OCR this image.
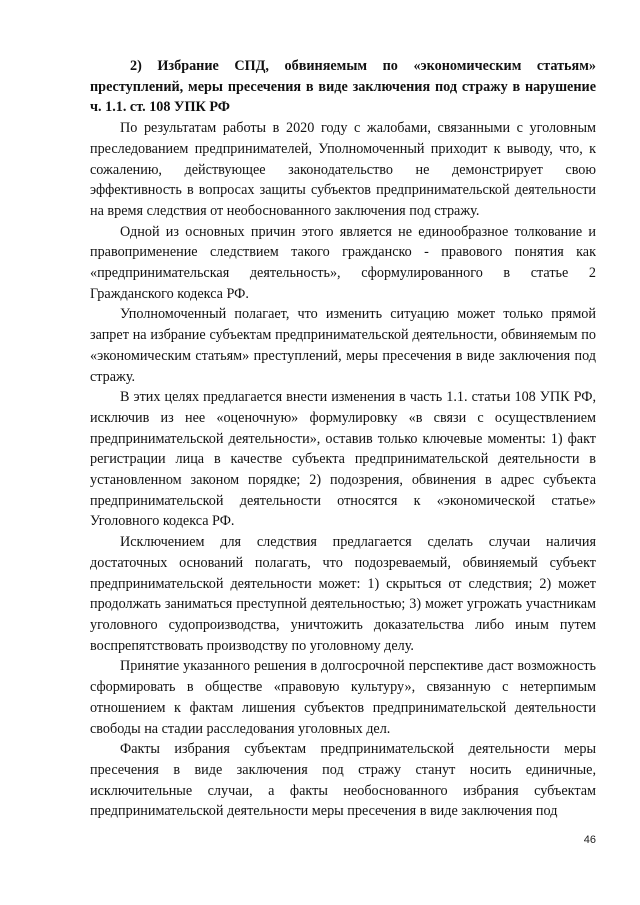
2) Избрание СПД, обвиняемым по «экономическим статьям» преступлений, меры пресечения в виде заключения под стражу в нарушение ч. 1.1. ст. 108 УПК РФ

По результатам работы в 2020 году с жалобами, связанными с уголовным преследованием предпринимателей, Уполномоченный приходит к выводу, что, к сожалению, действующее законодательство не демонстрирует свою эффективность в вопросах защиты субъектов предпринимательской деятельности на время следствия от необоснованного заключения под стражу.

Одной из основных причин этого является не единообразное толкование и правоприменение следствием такого гражданско - правового понятия как «предпринимательская деятельность», сформулированного в статье 2 Гражданского кодекса РФ.

Уполномоченный полагает, что изменить ситуацию может только прямой запрет на избрание субъектам предпринимательской деятельности, обвиняемым по «экономическим статьям» преступлений, меры пресечения в виде заключения под стражу.

В этих целях предлагается внести изменения в часть 1.1. статьи 108 УПК РФ, исключив из нее «оценочную» формулировку «в связи с осуществлением предпринимательской деятельности», оставив только ключевые моменты: 1) факт регистрации лица в качестве субъекта предпринимательской деятельности в установленном законом порядке; 2) подозрения, обвинения в адрес субъекта предпринимательской деятельности относятся к «экономической статье» Уголовного кодекса РФ.

Исключением для следствия предлагается сделать случаи наличия достаточных оснований полагать, что подозреваемый, обвиняемый субъект предпринимательской деятельности может: 1) скрыться от следствия; 2) может продолжать заниматься преступной деятельностью; 3) может угрожать участникам уголовного судопроизводства, уничтожить доказательства либо иным путем воспрепятствовать производству по уголовному делу.

Принятие указанного решения в долгосрочной перспективе даст возможность сформировать в обществе «правовую культуру», связанную с нетерпимым отношением к фактам лишения субъектов предпринимательской деятельности свободы на стадии расследования уголовных дел.

Факты избрания субъектам предпринимательской деятельности меры пресечения в виде заключения под стражу станут носить единичные, исключительные случаи, а факты необоснованного избрания субъектам предпринимательской деятельности меры пресечения в виде заключения под

46
